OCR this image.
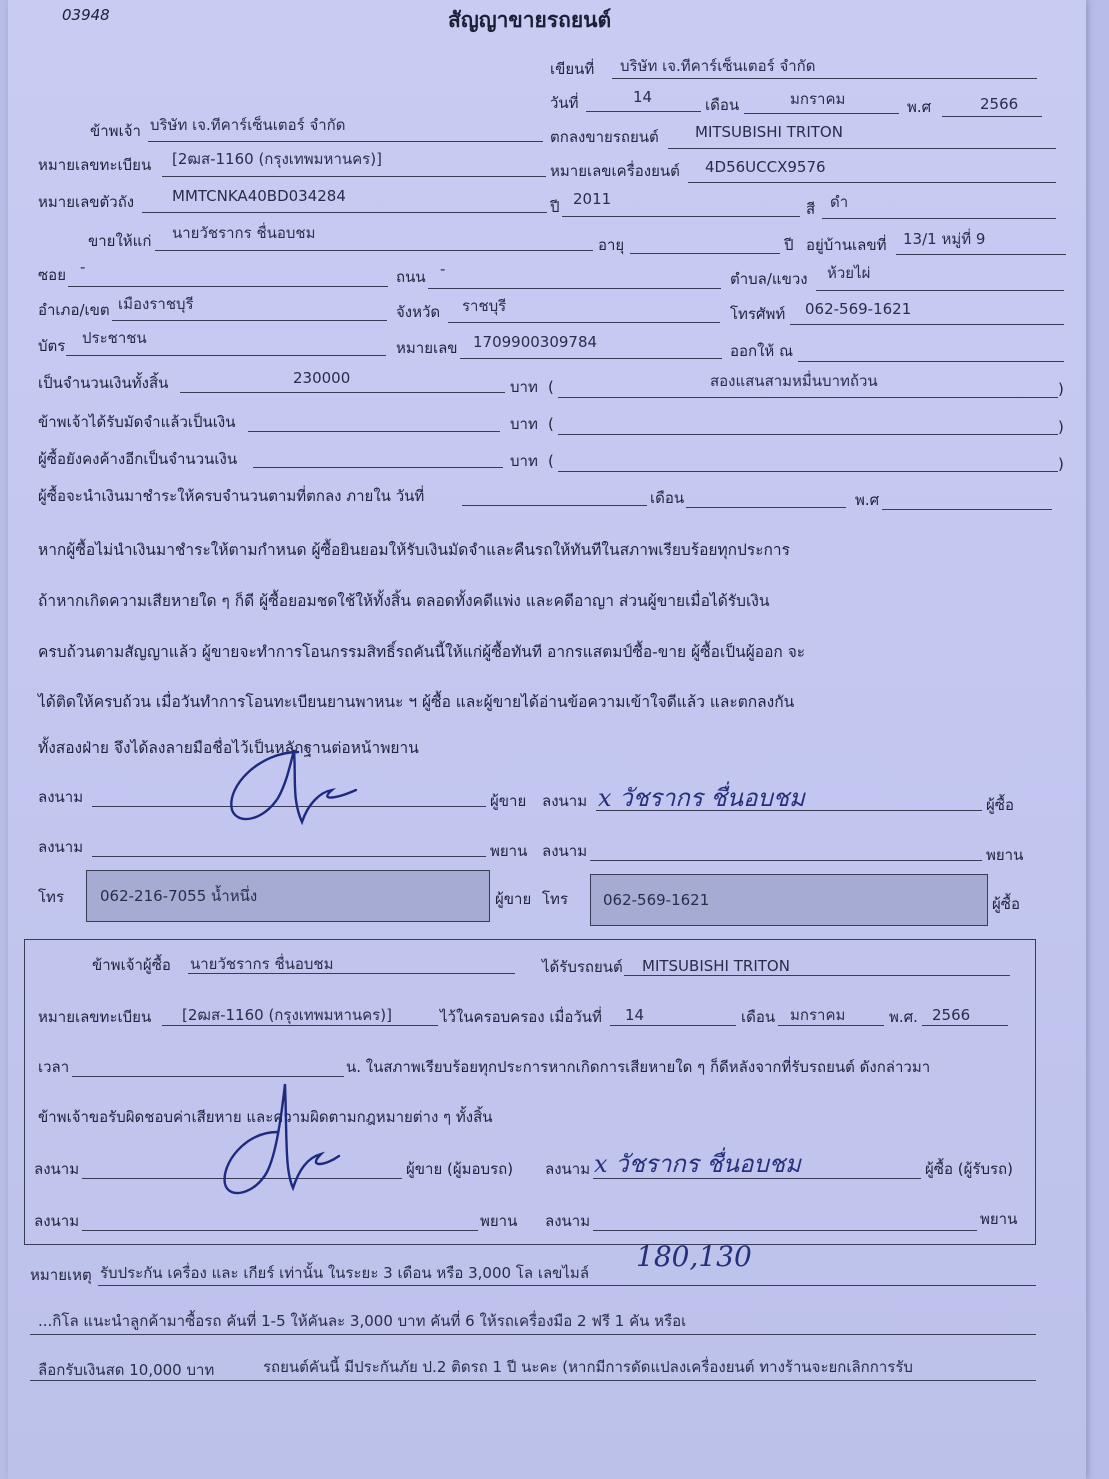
03948	สัญญาขายรถยนต์
เขียนที่ บริษัท เจ.ทีคาร์เซ็นเตอร์ จำกัด
วันที่	14	เดือน	มกราคม	พ.ศ	2566
ข้าพเจ้า บริษัท เจ.ทีคาร์เซ็นเตอร์ จำกัด
ตกลงขายรถยนต์ MITSUBISHI TRITON
หมายเลขทะเบียน [2ฒส-1160 (กรุงเทพมหานคร)]
หมายเลขเครื่องยนต์ 4D56UCCX9576
หมายเลขตัวถัง	MMTCNKA40BD034284
ปี 2011
สี ดำ
ขายให้แก่ นายวัชรากร ชื่นอบชม
อายุ	ปี อยู่บ้านเลขที่ 13/1 หมู่ที่ 9
ซอย -
ถนน -
ตำบล/แขวง ห้วยไผ่
อำเภอ/เขต เมืองราชบุรี	จังหวัด ราชบุรี	โทรศัพท์ 062-569-1621
บัตร ประชาชน
หมายเลข 1709900309784	ออกให้ ณ
เป็นจำนวนเงินทั้งสิ้น	230000	บาท (	สองแสนสามหมื่นบาทถ้วน	)
ข้าพเจ้าได้รับมัดจำแล้วเป็นเงิน	บาท (	)
ผู้ซื้อยังคงค้างอีกเป็นจำนวนเงิน	บาท (	)
ผู้ซื้อจะนำเงินมาชำระให้ครบจำนวนตามที่ตกลง ภายใน วันที่	เดือน	พ.ศ
หากผู้ซื้อไม่นำเงินมาชำระให้ตามกำหนด ผู้ซื้อยินยอมให้รับเงินมัดจำและคืนรถให้ทันทีในสภาพเรียบร้อยทุกประการ
ถ้าหากเกิดความเสียหายใด ๆ ก็ดี ผู้ซื้อยอมชดใช้ให้ทั้งสิ้น ตลอดทั้งคดีแพ่ง และคดีอาญา ส่วนผู้ขายเมื่อได้รับเงิน
ครบถ้วนตามสัญญาแล้ว ผู้ขายจะทำการโอนกรรมสิทธิ์รถคันนี้ให้แก่ผู้ซื้อทันที อากรแสตมป์ซื้อ-ขาย ผู้ซื้อเป็นผู้ออก จะ
ได้ติดให้ครบถ้วน เมื่อวันทำการโอนทะเบียนยานพาหนะ ฯ ผู้ซื้อ และผู้ขายได้อ่านข้อความเข้าใจดีแล้ว และตกลงกัน
ทั้งสองฝ่าย จึงได้ลงลายมือชื่อไว้เป็นหลักฐานต่อหน้าพยาน
ลงนาม	ผู้ขาย ลงนาม x วัชรากร ชื่นอบชม	ผู้ซื้อ
ลงนาม	พยาน ลงนาม	พยาน
โทร 062-216-7055 น้ำหนึ่ง	ผู้ขาย โทร 062-569-1621	ผู้ซื้อ
ข้าพเจ้าผู้ซื้อ นายวัชรากร ชื่นอบชม	ได้รับรถยนต์ MITSUBISHI TRITON
หมายเลขทะเบียน [2ฒส-1160 (กรุงเทพมหานคร)]	ไว้ในครอบครอง เมื่อวันที่ 14	เดือน มกราคม	พ.ศ. 2566
เวลา	น. ในสภาพเรียบร้อยทุกประการหากเกิดการเสียหายใด ๆ ก็ดีหลังจากที่รับรถยนต์ ดังกล่าวมา
ข้าพเจ้าขอรับผิดชอบค่าเสียหาย และความผิดตามกฎหมายต่าง ๆ ทั้งสิ้น
ลงนาม	ผู้ขาย (ผู้มอบรถ) ลงนาม x วัชรากร ชื่นอบชม	ผู้ซื้อ (ผู้รับรถ)
ลงนาม	พยาน ลงนาม	พยาน
หมายเหตุ รับประกัน เครื่อง และ เกียร์ เท่านั้น ในระยะ 3 เดือน หรือ 3,000 โล เลขไมล์ 180,130
...กิโล แนะนำลูกค้ามาซื้อรถ คันที่ 1-5 ให้คันละ 3,000 บาท คันที่ 6 ให้รถเครื่องมือ 2 ฟรี 1 คัน หรือเ
ลือกรับเงินสด 10,000 บาท	รถยนต์คันนี้ มีประกันภัย ป.2 ติดรถ 1 ปี นะคะ (หากมีการดัดแปลงเครื่องยนต์ ทางร้านจะยกเลิกการรับ
